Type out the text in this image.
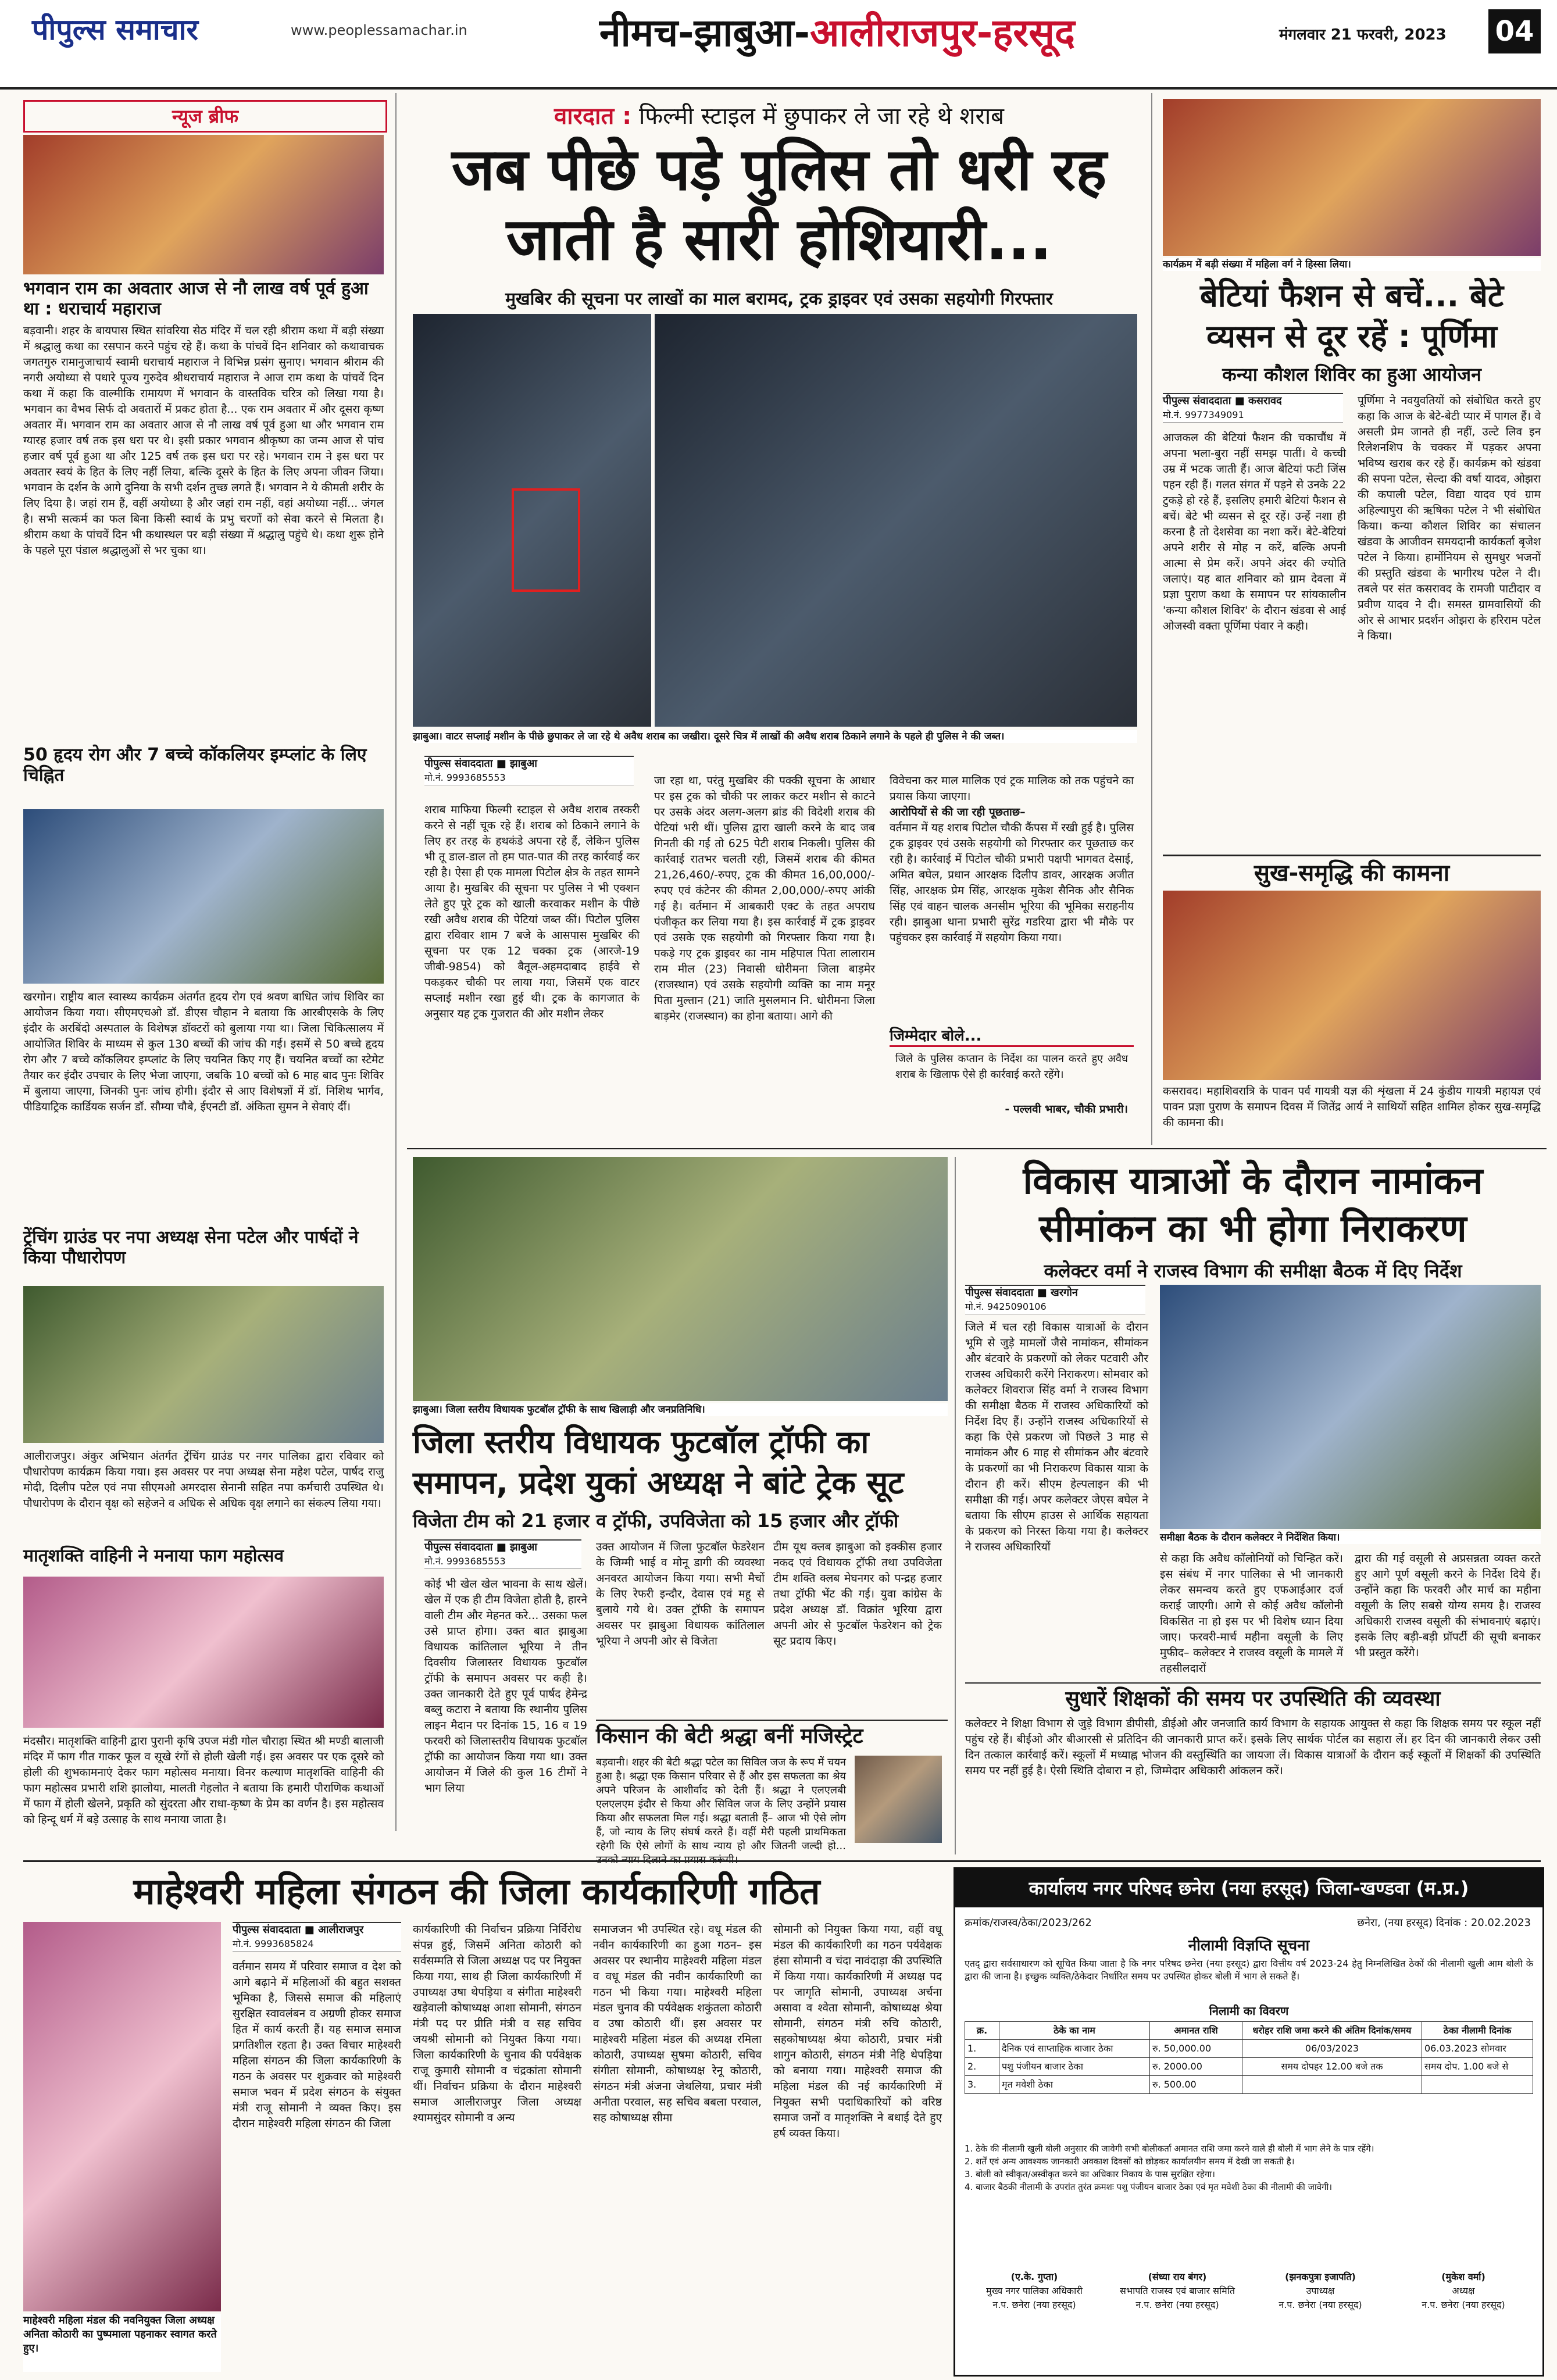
पीपुल्स समाचार	www.peoplessamachar.in	नीमच-झाबुआ-आलीराजपुर-हरसूद	मंगलवार 21 फरवरी, 2023 04
न्यूज ब्रीफ
भगवान राम का अवतार आज से नौ लाख वर्ष पूर्व हुआ था : धराचार्य महाराज
बड़वानी। शहर के बायपास स्थित सांवरिया सेठ मंदिर में चल रही श्रीराम कथा में बड़ी संख्या में श्रद्धालु कथा का रसपान करने पहुंच रहे हैं। कथा के पांचवें दिन शनिवार को कथावाचक जगतगुरु रामानुजाचार्य स्वामी धराचार्य महाराज ने विभिन्न प्रसंग सुनाए। भगवान श्रीराम की नगरी अयोध्या से पधारे पूज्य गुरुदेव श्रीधराचार्य महाराज ने आज राम कथा के पांचवें दिन कथा में कहा कि वाल्मीकि रामायण में भगवान के वास्तविक चरित्र को लिखा गया है। भगवान का वैभव सिर्फ दो अवतारों में प्रकट होता है... एक राम अवतार में और दूसरा कृष्ण अवतार में। भगवान राम का अवतार आज से नौ लाख वर्ष पूर्व हुआ था और भगवान राम ग्यारह हजार वर्ष तक इस धरा पर थे। इसी प्रकार भगवान श्रीकृष्ण का जन्म आज से पांच हजार वर्ष पूर्व हुआ था और 125 वर्ष तक इस धरा पर रहे। भगवान राम ने इस धरा पर अवतार स्वयं के हित के लिए नहीं लिया, बल्कि दूसरे के हित के लिए अपना जीवन जिया। भगवान के दर्शन के आगे दुनिया के सभी दर्शन तुच्छ लगते हैं। भगवान ने ये कीमती शरीर के लिए दिया है। जहां राम हैं, वहीं अयोध्या है और जहां राम नहीं, वहां अयोध्या नहीं... जंगल है। सभी सत्कर्म का फल बिना किसी स्वार्थ के प्रभु चरणों को सेवा करने से मिलता है। श्रीराम कथा के पांचवें दिन भी कथास्थल पर बड़ी संख्या में श्रद्धालु पहुंचे थे। कथा शुरू होने के पहले पूरा पंडाल श्रद्धालुओं से भर चुका था।
50 हृदय रोग और 7 बच्चे कॉकलियर इम्प्लांट के लिए चिह्नित
खरगोन। राष्ट्रीय बाल स्वास्थ्य कार्यक्रम अंतर्गत हृदय रोग एवं श्रवण बाधित जांच शिविर का आयोजन किया गया। सीएमएचओ डॉ. डीएस चौहान ने बताया कि आरबीएसके के लिए इंदौर के अरबिंदो अस्पताल के विशेषज्ञ डॉक्टरों को बुलाया गया था। जिला चिकित्सालय में आयोजित शिविर के माध्यम से कुल 130 बच्चों की जांच की गई। इसमें से 50 बच्चे हृदय रोग और 7 बच्चे कॉकलियर इम्प्लांट के लिए चयनित किए गए हैं। चयनित बच्चों का स्टेमेट तैयार कर इंदौर उपचार के लिए भेजा जाएगा, जबकि 10 बच्चों को 6 माह बाद पुनः शिविर में बुलाया जाएगा, जिनकी पुनः जांच होगी। इंदौर से आए विशेषज्ञों में डॉ. निशिथ भार्गव, पीडियाट्रिक कार्डियक सर्जन डॉ. सौम्या चौबे, ईएनटी डॉ. अंकिता सुमन ने सेवाएं दीं।
ट्रेंचिंग ग्राउंड पर नपा अध्यक्ष सेना पटेल और पार्षदों ने किया पौधारोपण
आलीराजपुर। अंकुर अभियान अंतर्गत ट्रेंचिंग ग्राउंड पर नगर पालिका द्वारा रविवार को पौधारोपण कार्यक्रम किया गया। इस अवसर पर नपा अध्यक्ष सेना महेश पटेल, पार्षद राजु मोदी, दिलीप पटेल एवं नपा सीएमओ अमरदास सेनानी सहित नपा कर्मचारी उपस्थित थे। पौधारोपण के दौरान वृक्ष को सहेजने व अधिक से अधिक वृक्ष लगाने का संकल्प लिया गया।
मातृशक्ति वाहिनी ने मनाया फाग महोत्सव
मंदसौर। मातृशक्ति वाहिनी द्वारा पुरानी कृषि उपज मंडी गोल चौराहा स्थित श्री मण्डी बालाजी मंदिर में फाग गीत गाकर फूल व सूखे रंगों से होली खेली गई। इस अवसर पर एक दूसरे को होली की शुभकामनाएं देकर फाग महोत्सव मनाया। विनर कल्याण मातृशक्ति वाहिनी की फाग महोत्सव प्रभारी शशि झालोया, मालती गेहलोत ने बताया कि हमारी पौराणिक कथाओं में फाग में होली खेलने, प्रकृति को सुंदरता और राधा-कृष्ण के प्रेम का वर्णन है। इस महोत्सव को हिन्दू धर्म में बड़े उत्साह के साथ मनाया जाता है।
वारदात : फिल्मी स्टाइल में छुपाकर ले जा रहे थे शराब
जब पीछे पड़े पुलिस तो धरी रह
जाती है सारी होशियारी...
मुखबिर की सूचना पर लाखों का माल बरामद, ट्रक ड्राइवर एवं उसका सहयोगी गिरफ्तार
झाबुआ। वाटर सप्लाई मशीन के पीछे छुपाकर ले जा रहे थे अवैध शराब का जखीरा। दूसरे चित्र में लाखों की अवैध शराब ठिकाने लगाने के पहले ही पुलिस ने की जब्त।
पीपुल्स संवाददाता ■ झाबुआ
मो.नं. 9993685553
शराब माफिया फिल्मी स्टाइल से अवैध शराब तस्करी करने से नहीं चूक रहे हैं। शराब को ठिकाने लगाने के लिए हर तरह के हथकंडे अपना रहे हैं, लेकिन पुलिस भी तू डाल-डाल तो हम पात-पात की तरह कार्रवाई कर रही है। ऐसा ही एक मामला पिटोल क्षेत्र के तहत सामने आया है। मुखबिर की सूचना पर पुलिस ने भी एक्शन लेते हुए पूरे ट्रक को खाली करवाकर मशीन के पीछे रखी अवैध शराब की पेटियां जब्त कीं। पिटोल पुलिस द्वारा रविवार शाम 7 बजे के आसपास मुखबिर की सूचना पर एक 12 चक्का ट्रक (आरजे-19 जीबी-9854) को बैतूल-अहमदाबाद हाईवे से पकड़कर चौकी पर लाया गया, जिसमें एक वाटर सप्लाई मशीन रखा हुई थी। ट्रक के कागजात के अनुसार यह ट्रक गुजरात की ओर मशीन लेकर
जा रहा था, परंतु मुखबिर की पक्की सूचना के आधार पर इस ट्रक को चौकी पर लाकर कटर मशीन से काटने पर उसके अंदर अलग-अलग ब्रांड की विदेशी शराब की पेटियां भरी थीं। पुलिस द्वारा खाली करने के बाद जब गिनती की गई तो 625 पेटी शराब निकली। पुलिस की कार्रवाई रातभर चलती रही, जिसमें शराब की कीमत 21,26,460/-रुपए, ट्रक की कीमत 16,00,000/-रुपए एवं कंटेनर की कीमत 2,00,000/-रुपए आंकी गई है। वर्तमान में आबकारी एक्ट के तहत अपराध पंजीकृत कर लिया गया है। इस कार्रवाई में ट्रक ड्राइवर एवं उसके एक सहयोगी को गिरफ्तार किया गया है। पकड़े गए ट्रक ड्राइवर का नाम महिपाल पिता लालाराम राम मील (23) निवासी धोरीमना जिला बाड़मेर (राजस्थान) एवं उसके सहयोगी व्यक्ति का नाम मनूर पिता मुल्तान (21) जाति मुसलमान नि. धोरीमना जिला बाड़मेर (राजस्थान) का होना बताया। आगे की
विवेचना कर माल मालिक एवं ट्रक मालिक को तक पहुंचने का प्रयास किया जाएगा।
आरोपियों से की जा रही पूछताछ–
वर्तमान में यह शराब पिटोल चौकी कैंपस में रखी हुई है। पुलिस ट्रक ड्राइवर एवं उसके सहयोगी को गिरफ्तार कर पूछताछ कर रही है। कार्रवाई में पिटोल चौकी प्रभारी पक्षपी भागवत देसाई, अमित बघेल, प्रधान आरक्षक दिलीप डावर, आरक्षक अजीत सिंह, आरक्षक प्रेम सिंह, आरक्षक मुकेश सैनिक और सैनिक सिंह एवं वाहन चालक अनसीम भूरिया की भूमिका सराहनीय रही। झाबुआ थाना प्रभारी सुरेंद्र गडरिया द्वारा भी मौके पर पहुंचकर इस कार्रवाई में सहयोग किया गया।
जिम्मेदार बोले...
जिले के पुलिस कप्तान के निर्देश का पालन करते हुए अवैध शराब के खिलाफ ऐसे ही कार्रवाई करते रहेंगे।
- पल्लवी भाबर, चौकी प्रभारी।
कार्यक्रम में बड़ी संख्या में महिला वर्ग ने हिस्सा लिया।
बेटियां फैशन से बचें... बेटे
व्यसन से दूर रहें : पूर्णिमा
कन्या कौशल शिविर का हुआ आयोजन
पीपुल्स संवाददाता ■ कसरावद
मो.नं. 9977349091
आजकल की बेटियां फैशन की चकाचौंध में अपना भला-बुरा नहीं समझ पातीं। वे कच्ची उम्र में भटक जाती हैं। आज बेटियां फटी जिंस पहन रही हैं। गलत संगत में पड़ने से उनके 22 टुकड़े हो रहे हैं, इसलिए हमारी बेटियां फैशन से बचें। बेटे भी व्यसन से दूर रहें। उन्हें नशा ही करना है तो देशसेवा का नशा करें। बेटे-बेटियां अपने शरीर से मोह न करें, बल्कि अपनी आत्मा से प्रेम करें। अपने अंदर की ज्योति जलाएं। यह बात शनिवार को ग्राम देवला में प्रज्ञा पुराण कथा के समापन पर सांयकालीन 'कन्या कौशल शिविर' के दौरान खंडवा से आई ओजस्वी वक्ता पूर्णिमा पंवार ने कही।
पूर्णिमा ने नवयुवतियों को संबोधित करते हुए कहा कि आज के बेटे-बेटी प्यार में पागल हैं। वे असली प्रेम जानते ही नहीं, उल्टे लिव इन रिलेशनशिप के चक्कर में पड़कर अपना भविष्य खराब कर रहे हैं। कार्यक्रम को खंडवा की सपना पटेल, सेल्दा की वर्षा यादव, ओझरा की कपाली पटेल, विद्या यादव एवं ग्राम अहिल्यापुरा की ऋषिका पटेल ने भी संबोधित किया। कन्या कौशल शिविर का संचालन खंडवा के आजीवन समयदानी कार्यकर्ता बृजेश पटेल ने किया। हार्मोनियम से सुमधुर भजनों की प्रस्तुति खंडवा के भागीरथ पटेल ने दी। तबले पर संत कसरावद के रामजी पाटीदार व प्रवीण यादव ने दी। समस्त ग्रामवासियों की ओर से आभार प्रदर्शन ओझरा के हरिराम पटेल ने किया।
सुख-समृद्धि की कामना
कसरावद। महाशिवरात्रि के पावन पर्व गायत्री यज्ञ की शृंखला में 24 कुंडीय गायत्री महायज्ञ एवं पावन प्रज्ञा पुराण के समापन दिवस में जितेंद्र आर्य ने साथियों सहित शामिल होकर सुख-समृद्धि की कामना की।
झाबुआ। जिला स्तरीय विधायक फुटबॉल ट्रॉफी के साथ खिलाड़ी और जनप्रतिनिधि।
जिला स्तरीय विधायक फुटबॉल ट्रॉफी का
समापन, प्रदेश युकां अध्यक्ष ने बांटे ट्रेक सूट
विजेता टीम को 21 हजार व ट्रॉफी, उपविजेता को 15 हजार और ट्रॉफी
पीपुल्स संवाददाता ■ झाबुआ
मो.नं. 9993685553
कोई भी खेल खेल भावना के साथ खेलें। खेल में एक ही टीम विजेता होती है, हारने वाली टीम और मेहनत करे... उसका फल उसे प्राप्त होगा। उक्त बात झाबुआ विधायक कांतिलाल भूरिया ने तीन दिवसीय जिलास्तर विधायक फुटबॉल ट्रॉफी के समापन अवसर पर कही है। उक्त जानकारी देते हुए पूर्व पार्षद हेमेन्द्र बब्लु कटारा ने बताया कि स्थानीय पुलिस लाइन मैदान पर दिनांक 15, 16 व 19 फरवरी को जिलास्तरीय विधायक फुटबॉल ट्रॉफी का आयोजन किया गया था। उक्त आयोजन में जिले की कुल 16 टीमों ने भाग लिया
उक्त आयोजन में जिला फुटबॉल फेडरेशन के जिम्मी भाई व मोनू डागी की व्यवस्था अनवरत आयोजन किया गया। सभी मैचों के लिए रेफरी इन्दौर, देवास एवं महू से बुलाये गये थे। उक्त ट्रॉफी के समापन अवसर पर झाबुआ विधायक कांतिलाल भूरिया ने अपनी ओर से विजेता
टीम यूथ क्लब झाबुआ को इक्कीस हजार नकद एवं विधायक ट्रॉफी तथा उपविजेता टीम शक्ति क्लब मेघनगर को पन्द्रह हजार तथा ट्रॉफी भेंट की गई। युवा कांग्रेस के प्रदेश अध्यक्ष डॉ. विक्रांत भूरिया द्वारा अपनी ओर से फुटबॉल फेडरेशन को ट्रेक सूट प्रदाय किए।
किसान की बेटी श्रद्धा बनीं मजिस्ट्रेट
बड़वानी। शहर की बेटी श्रद्धा पटेल का सिविल जज के रूप में चयन हुआ है। श्रद्धा एक किसान परिवार से हैं और इस सफलता का श्रेय अपने परिजन के आशीर्वाद को देती हैं। श्रद्धा ने एलएलबी एलएलएम इंदौर से किया और सिविल जज के लिए उन्होंने प्रयास किया और सफलता मिल गई। श्रद्धा बताती हैं– आज भी ऐसे लोग हैं, जो न्याय के लिए संघर्ष करते हैं। वहीं मेरी पहली प्राथमिकता रहेगी कि ऐसे लोगों के साथ न्याय हो और जितनी जल्दी हो...
विकास यात्राओं के दौरान नामांकन
सीमांकन का भी होगा निराकरण
कलेक्टर वर्मा ने राजस्व विभाग की समीक्षा बैठक में दिए निर्देश
पीपुल्स संवाददाता ■ खरगोन
मो.नं. 9425090106
जिले में चल रही विकास यात्राओं के दौरान भूमि से जुड़े मामलों जैसे नामांकन, सीमांकन और बंटवारे के प्रकरणों को लेकर पटवारी और राजस्व अधिकारी करेंगे निराकरण। सोमवार को कलेक्टर शिवराज सिंह वर्मा ने राजस्व विभाग की समीक्षा बैठक में राजस्व अधिकारियों को निर्देश दिए हैं। उन्होंने राजस्व अधिकारियों से कहा कि ऐसे प्रकरण जो पिछले 3 माह से नामांकन और 6 माह से सीमांकन और बंटवारे के प्रकरणों का भी निराकरण विकास यात्रा के दौरान ही करें। सीएम हेल्पलाइन की भी समीक्षा की गई। अपर कलेक्टर जेएस बघेल ने बताया कि सीएम हाउस से आर्थिक सहायता के प्रकरण को निरस्त किया गया है। कलेक्टर ने राजस्व अधिकारियों
समीक्षा बैठक के दौरान कलेक्टर ने निर्देशित किया।
से कहा कि अवैध कॉलोनियों को चिन्हित करें। इस संबंध में नगर पालिका से भी जानकारी लेकर समन्वय करते हुए एफआईआर दर्ज कराई जाएगी। आगे से कोई अवैध कॉलोनी विकसित ना हो इस पर भी विशेष ध्यान दिया जाए। फरवरी-मार्च महीना वसूली के लिए मुफीद– कलेक्टर ने राजस्व वसूली के मामले में तहसीलदारों
द्वारा की गई वसूली से अप्रसन्नता व्यक्त करते हुए आगे पूर्ण वसूली करने के निर्देश दिये हैं। उन्होंने कहा कि फरवरी और मार्च का महीना वसूली के लिए सबसे योग्य समय है। राजस्व अधिकारी राजस्व वसूली की संभावनाएं बढ़ाएं। इसके लिए बड़ी-बड़ी प्रॉपर्टी की सूची बनाकर भी प्रस्तुत करेंगे।
सुधारें शिक्षकों की समय पर उपस्थिति की व्यवस्था
कलेक्टर ने शिक्षा विभाग से जुड़े विभाग डीपीसी, डीईओ और जनजाति कार्य विभाग के सहायक आयुक्त से कहा कि शिक्षक समय पर स्कूल नहीं पहुंच रहे हैं। बीईओ और बीआरसी से प्रतिदिन की जानकारी प्राप्त करें। इसके लिए सार्थक पोर्टल का सहारा लें। हर दिन की जानकारी लेकर उसी दिन तत्काल कार्रवाई करें। स्कूलों में मध्याह्न भोजन की वस्तुस्थिति का जायजा लें। विकास यात्राओं के दौरान कई स्कूलों में शिक्षकों की उपस्थिति समय पर नहीं हुई है। ऐसी स्थिति दोबारा न हो, जिम्मेदार अधिकारी आंकलन करें।
माहेश्वरी महिला संगठन की जिला कार्यकारिणी गठित
माहेश्वरी महिला मंडल की नवनियुक्त जिला अध्यक्ष अनिता कोठारी का पुष्पमाला पहनाकर स्वागत करते हुए।
पीपुल्स संवाददाता ■ आलीराजपुर
मो.नं. 9993685824
वर्तमान समय में परिवार समाज व देश को आगे बढ़ाने में महिलाओं की बहुत सशक्त भूमिका है, जिससे समाज की महिलाएं सुरक्षित स्वावलंबन व अग्रणी होकर समाज हित में कार्य करती हैं। यह समाज समाज प्रगतिशील रहता है। उक्त विचार माहेश्वरी महिला संगठन की जिला कार्यकारिणी के गठन के अवसर पर शुक्रवार को माहेश्वरी समाज भवन में प्रदेश संगठन के संयुक्त मंत्री राजू सोमानी ने व्यक्त किए। इस दौरान माहेश्वरी महिला संगठन की जिला
कार्यकारिणी की निर्वाचन प्रक्रिया निर्विरोध संपन्न हुई, जिसमें अनिता कोठारी को सर्वसम्मति से जिला अध्यक्ष पद पर नियुक्त किया गया, साथ ही जिला कार्यकारिणी में उपाध्यक्ष उषा थेपड़िया व संगीता माहेश्वरी खड़ेवाली कोषाध्यक्ष आशा सोमानी, संगठन मंत्री पद पर प्रीति मंत्री व सह सचिव जयश्री सोमानी को नियुक्त किया गया। जिला कार्यकारिणी के चुनाव की पर्यवेक्षक राजू कुमारी सोमानी व चंद्रकांता सोमानी थीं। निर्वाचन प्रक्रिया के दौरान माहेश्वरी समाज आलीराजपुर जिला अध्यक्ष श्यामसुंदर सोमानी व अन्य
समाजजन भी उपस्थित रहे। वधू मंडल की नवीन कार्यकारिणी का हुआ गठन– इस अवसर पर स्थानीय माहेश्वरी महिला मंडल व वधू मंडल की नवीन कार्यकारिणी का गठन भी किया गया। माहेश्वरी महिला मंडल चुनाव की पर्यवेक्षक शकुंतला कोठारी व उषा कोठारी थीं। इस अवसर पर माहेश्वरी महिला मंडल की अध्यक्ष रमिला कोठारी, उपाध्यक्ष सुषमा कोठारी, सचिव संगीता सोमानी, कोषाध्यक्ष रेनू कोठारी, संगठन मंत्री अंजना जेथलिया, प्रचार मंत्री अनीता परवाल, सह सचिव बबला परवाल, सह कोषाध्यक्ष सीमा
सोमानी को नियुक्त किया गया, वहीं वधू मंडल की कार्यकारिणी का गठन पर्यवेक्षक हंसा सोमानी व चंदा नावंदाड़ा की उपस्थिति में किया गया। कार्यकारिणी में अध्यक्ष पद पर जागृति सोमानी, उपाध्यक्ष अर्चना असावा व श्वेता सोमानी, कोषाध्यक्ष श्रेया सोमानी, संगठन मंत्री रुचि कोठारी, सहकोषाध्यक्ष श्रेया कोठारी, प्रचार मंत्री शागुन कोठारी, संगठन मंत्री नेहि थेपड़िया को बनाया गया। माहेश्वरी समाज की महिला मंडल की नई कार्यकारिणी में नियुक्त सभी पदाधिकारियों को वरिष्ठ समाज जनों व मातृशक्ति ने बधाई देते हुए हर्ष व्यक्त किया।
कार्यालय नगर परिषद छनेरा (नया हरसूद) जिला-खण्डवा (म.प्र.)
क्रमांक/राजस्व/ठेका/2023/262	छनेरा, (नया हरसूद) दिनांक : 20.02.2023
नीलामी विज्ञप्ति सूचना
एतद् द्वारा सर्वसाधारण को सूचित किया जाता है कि नगर परिषद छनेरा (नया हरसूद) द्वारा वित्तीय वर्ष 2023-24 हेतु निम्नलिखित ठेकों की नीलामी खुली आम बोली के द्वारा की जाना है। इच्छुक व्यक्ति/ठेकेदार निर्धारित समय पर उपस्थित होकर बोली में भाग ले सकते हैं।
निलामी का विवरण
क्र.	ठेके का नाम	अमानत राशि	धरोहर राशि जमा करने की अंतिम दिनांक/समय	ठेका नीलामी दिनांक
1.	दैनिक एवं साप्ताहिक बाजार ठेका	रु. 50,000.00	06/03/2023	06.03.2023 सोमवार
2.	पशु पंजीयन बाजार ठेका	रु. 2000.00	समय दोपहर 12.00 बजे तक	समय दोप. 1.00 बजे से
3.	मृत मवेशी ठेका	रु. 500.00		
1. ठेके की नीलामी खुली बोली अनुसार की जावेगी सभी बोलीकर्ता अमानत राशि जमा करने वाले ही बोली में भाग लेने के पात्र रहेंगे।
2. शर्तें एवं अन्य आवश्यक जानकारी अवकाश दिवसों को छोड़कर कार्यालयीन समय में देखी जा सकती है।
3. बोली को स्वीकृत/अस्वीकृत करने का अधिकार निकाय के पास सुरक्षित रहेगा।
4. बाजार बैठकी नीलामी के उपरांत तुरंत क्रमशः पशु पंजीयन बाजार ठेका एवं मृत मवेशी ठेका की नीलामी की जावेगी।
(ए.के. गुप्ता)
मुख्य नगर पालिका अधिकारी
न.प. छनेरा (नया हरसूद)
(संध्या राय बंगर)
सभापति राजस्व एवं बाजार समिति
न.प. छनेरा (नया हरसूद)
(झनकपुत्रा इजापति)
उपाध्यक्ष
न.प. छनेरा (नया हरसूद)
(मुकेश वर्मा)
अध्यक्ष
न.प. छनेरा (नया हरसूद)
